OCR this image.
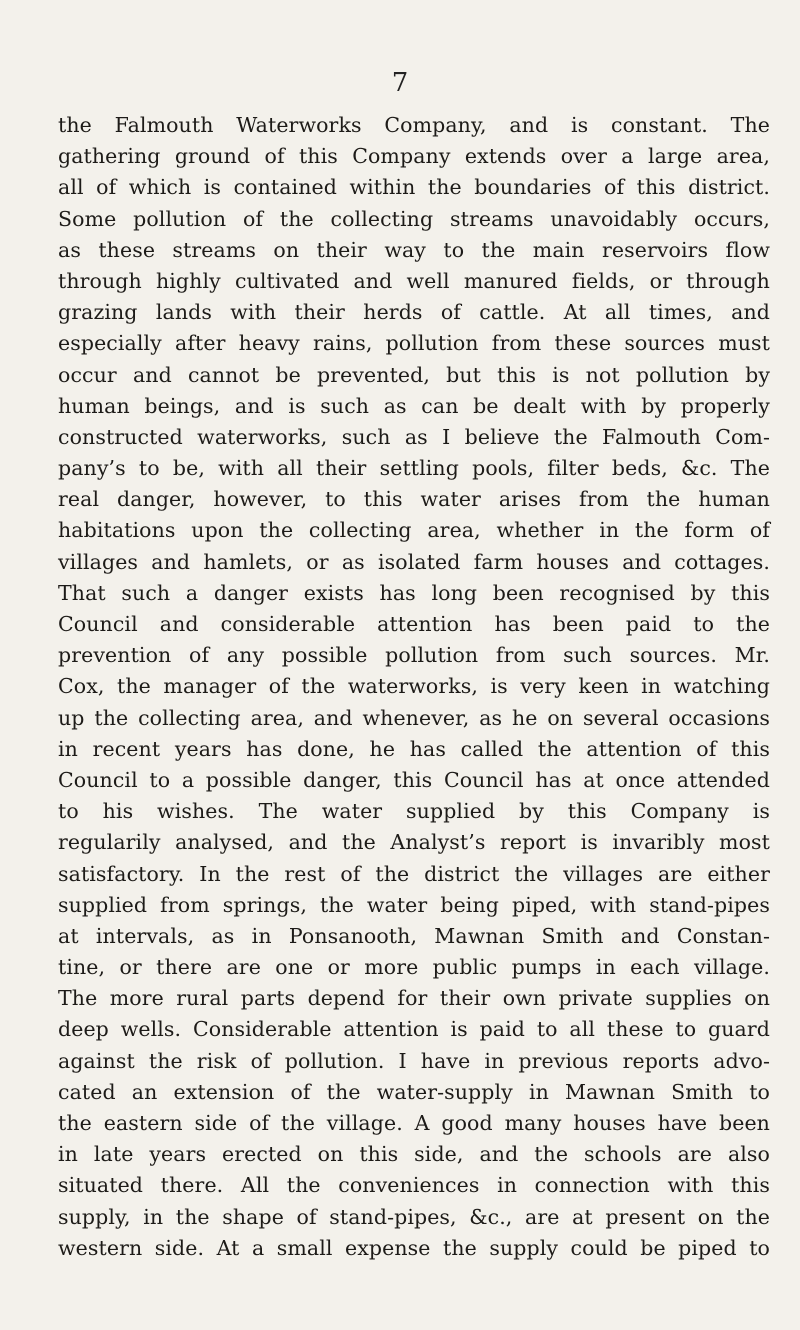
7
the Falmouth Waterworks Company, and is constant. The
gathering ground of this Company extends over a large area,
all of which is contained within the boundaries of this district.
Some pollution of the collecting streams unavoidably occurs,
as these streams on their way to the main reservoirs flow
through highly cultivated and well manured fields, or through
grazing lands with their herds of cattle. At all times, and
especially after heavy rains, pollution from these sources must
occur and cannot be prevented, but this is not pollution by
human beings, and is such as can be dealt with by properly
constructed waterworks, such as I believe the Falmouth Com-
pany’s to be, with all their settling pools, filter beds, &c. The
real danger, however, to this water arises from the human
habitations upon the collecting area, whether in the form of
villages and hamlets, or as isolated farm houses and cottages.
That such a danger exists has long been recognised by this
Council and considerable attention has been paid to the
prevention of any possible pollution from such sources. Mr.
Cox, the manager of the waterworks, is very keen in watching
up the collecting area, and whenever, as he on several occasions
in recent years has done, he has called the attention of this
Council to a possible danger, this Council has at once attended
to his wishes. The water supplied by this Company is
regularily analysed, and the Analyst’s report is invaribly most
satisfactory. In the rest of the district the villages are either
supplied from springs, the water being piped, with stand-pipes
at intervals, as in Ponsanooth, Mawnan Smith and Constan-
tine, or there are one or more public pumps in each village.
The more rural parts depend for their own private supplies on
deep wells. Considerable attention is paid to all these to guard
against the risk of pollution. I have in previous reports advo-
cated an extension of the water-supply in Mawnan Smith to
the eastern side of the village. A good many houses have been
in late years erected on this side, and the schools are also
situated there. All the conveniences in connection with this
supply, in the shape of stand-pipes, &c., are at present on the
western side. At a small expense the supply could be piped to
